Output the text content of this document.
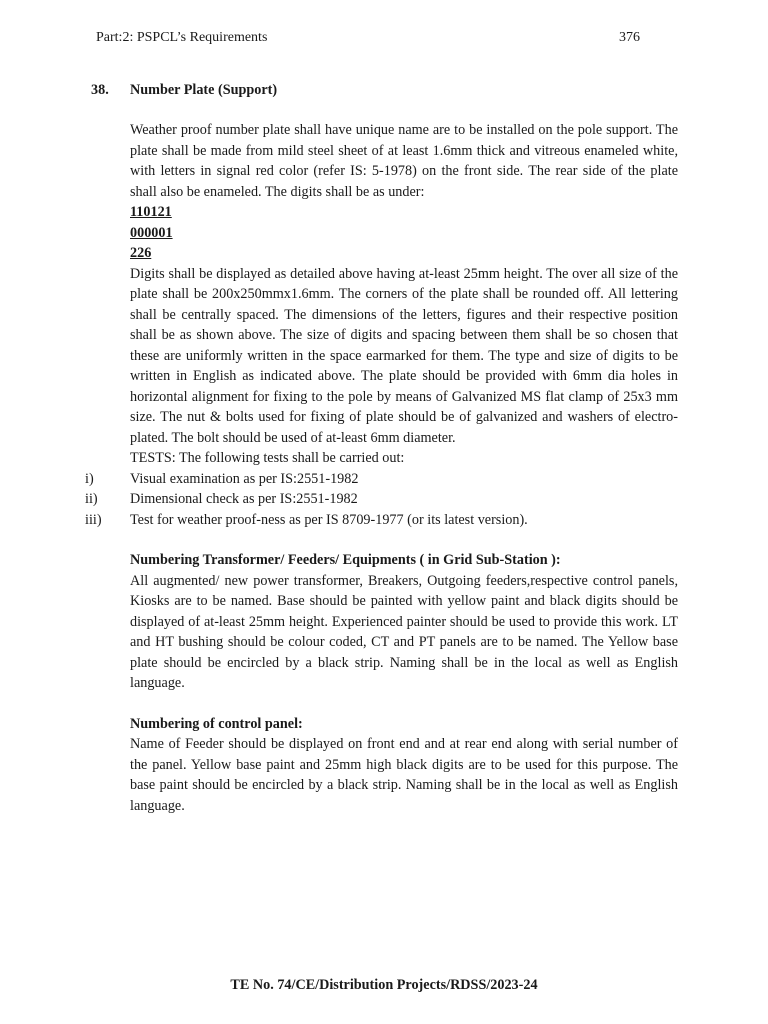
Part:2: PSPCL’s Requirements	376
38. Number Plate (Support)

Weather proof number plate shall have unique name are to be installed on the pole support. The plate shall be made from mild steel sheet of at least 1.6mm thick and vitreous enameled white, with letters in signal red color (refer IS: 5-1978) on the front side. The rear side of the plate shall also be enameled. The digits shall be as under:

110121

000001

226

Digits shall be displayed as detailed above having at-least 25mm height. The over all size of the plate shall be 200x250mmx1.6mm. The corners of the plate shall be rounded off. All lettering shall be centrally spaced. The dimensions of the letters, figures and their respective position shall be as shown above. The size of digits and spacing between them shall be so chosen that these are uniformly written in the space earmarked for them. The type and size of digits to be written in English as indicated above. The plate should be provided with 6mm dia holes in horizontal alignment for fixing to the pole by means of Galvanized MS flat clamp of 25x3 mm size. The nut & bolts used for fixing of plate should be of galvanized and washers of electro-plated. The bolt should be used of at-least 6mm diameter.

TESTS: The following tests shall be carried out:

i)	Visual examination as per IS:2551-1982
ii) Dimensional check as per IS:2551-1982
iii) Test for weather proof-ness as per IS 8709-1977 (or its latest version).

Numbering Transformer/ Feeders/ Equipments ( in Grid Sub-Station ):

All augmented/ new power transformer, Breakers, Outgoing feeders,respective control panels, Kiosks are to be named. Base should be painted with yellow paint and black digits should be displayed of at-least 25mm height. Experienced painter should be used to provide this work. LT and HT bushing should be colour coded, CT and PT panels are to be named. The Yellow base plate should be encircled by a black strip. Naming shall be in the local as well as English language.

Numbering of control panel:

Name of Feeder should be displayed on front end and at rear end along with serial number of the panel. Yellow base paint and 25mm high black digits are to be used for this purpose. The base paint should be encircled by a black strip. Naming shall be in the local as well as English language.

TE No. 74/CE/Distribution Projects/RDSS/2023-24
